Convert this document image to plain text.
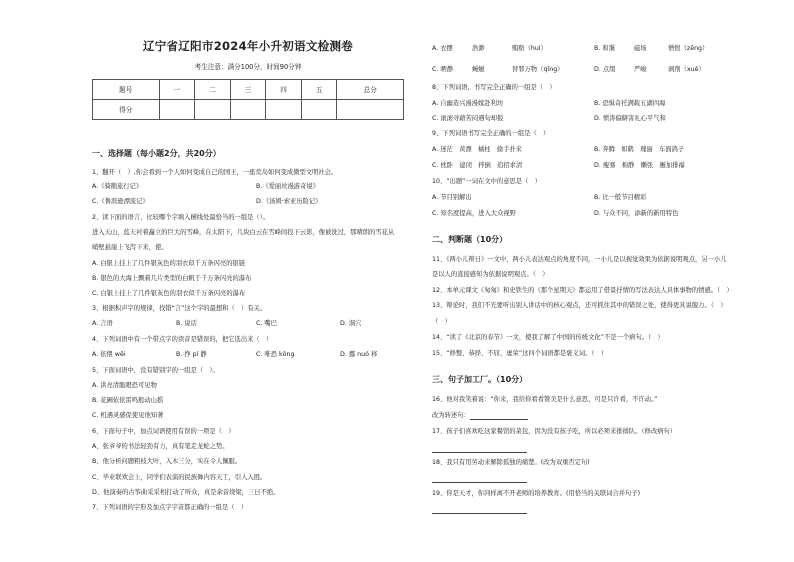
辽宁省辽阳市2024年小升初语文检测卷
考生注意：满分100分，时间90分钟
题号	一	二	三	四	五	总分
得分						
一、选择题（每小题2分，共20分）
1、翻开（　）,你会看到一个人如何变成自己的国王，一座荒岛如何变成微型文明社会。
A.《骑鹅旅行记》	B.《爱丽丝漫游奇境》
C.《鲁滨逊漂流记》	D.《汤姆·索亚历险记》
2、读下面的语言，比较哪个字填入横线处最恰当的一组是（）。
进入天山，蓝天衬着矗立的巨大的雪峰，在太阳下，几块白云在雪峰间投下云影，像被洗过，那晴朗的雪花从
峭壁悬崖上飞泻下来，使。
A. 白银上挂上了几件银灰色的羽衣似千万条闪亮的银链
B. 银色的大海上飘着几片类型的白帆于千万条闪亮的瀑布
C. 白银上挂上了几件银灰色的羽衣似千万条闪亮的瀑布
3、根据积声字的规律，找错“言”这个字的最想和（　）有关。
A. 言语	B. 说话	C. 嘴巴	D. 洞穴
4、下列词语中有一个带点字的读音是错误的，把它选出来（　）
A. 依偎 wēi	B. 挣 pí 静	C. 唯恐 kōng	D. 挪 nuó 移
5、下面词语中，没有错别字的一组是（　）。
A. 洪亮清脆瞪恐可见物
B. 花圃依依雷鸣般动山摇
C. 机遇灵感促使见他知著
6、下面句子中，加点词语使用有误的一项是（　）
A、张爷爷的书法轻劲有力，真有笔走龙蛇之势。
B、他分析问题粗枝大叶，入木三分，实在令人佩服。
C、毕业联欢会上，同学们表演的民族舞内容天工，引人入胜。
D、他演奏的古筝曲采采相打动了听众，真是余音绕梁，三日不绝。
7、下列词语的字形及加点字字音都正确的一组是（　）
A. 衣摆	浩渺	贿赂（huì）	B. 和霭	磁场	憎恨（zēng）
C. 晒静	蜿蜒	替罪万物（qīng）	D. 点缀	严峻	剥削（xuē）
8、下列词语，书写完全正确的一组是（　）
A. 自幽造兴漫漫嫁赴利坊	B. 恐惧奇托满载五湖四海
C. 滚滚寻藉苦闷遇旬却报	D. 愤涛偏僻害礼心平气和
9、下列词语书写完全正确的一组是（　）
A. 迷茫　黄漂　橘柱　偷手扑来	B. 奔腾　如鹤　瑰丽　车面鸽子
C. 枕卧　建闭　拌倒　追招求清	D. 瘦骞　棉静　懒张　邂加排福
10、“出题”一词在文中的意思是（　）
A. 节目别解出	B. 比一般节目精彩
C. 知名度提高，进入大众视野	D. 与众不同，添新的新用特色
二、判断题（10分）
11、《两小儿辩日》一文中，两小儿表达观点的角度不同，一小儿是以视觉效果为依据说明观点，另一小儿
是以人的直接感知为依据说明观点。（　）
12、本单元课文《匆匆》和史铁生的《那个星期天》都运用了借景抒情的写法表达人具体事物的情感。（　）
13、辩论时，我们不光要听出别人讲话中的核心观点，还可抓住其中的错误之处，使得更具说服力。（　）
（　）
14、“读了《北京的春节》一文，使我了解了中国的传统文化”不是一个病句。（　）
15、“修整、恭择、不屈，虚荣”这四个词语都是褒义词。（　）
三、句子加工厂。（10分）
16、他对我笑着说：“你来，我给你看看赞美是什么意思，可是只许看，不许动。”
改为转述句：
17、孩子们喜欢吃这家餐馆的菜包，因为没有孩子吃，所以必须来排排队。（修改病句）
18、我只有用劳动来解除孤独的痛楚。(改为双重否定句)
19、你是天才，你同样离不开老师的培养教育。(用恰当的关联词合并句子)
